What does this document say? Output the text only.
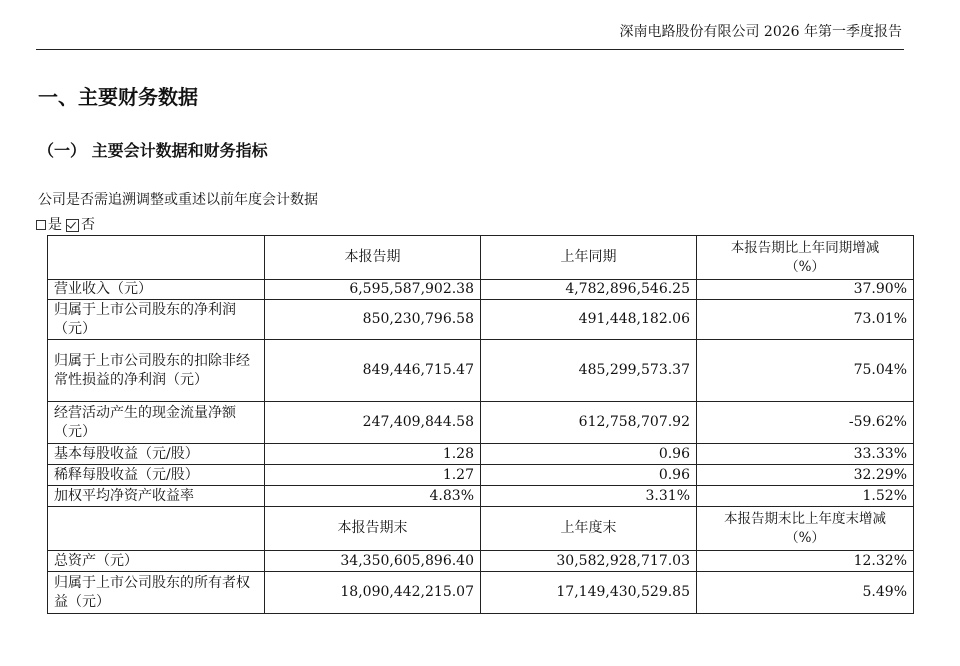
深南电路股份有限公司 2026 年第一季度报告
一、主要财务数据
（一） 主要会计数据和财务指标
公司是否需追溯调整或重述以前年度会计数据
是 否
	本报告期	上年同期	本报告期比上年同期增减
（%）

营业收入（元）	6,595,587,902.38	4,782,896,546.25	37.90%
归属于上市公司股东的净利润（元）	850,230,796.58	491,448,182.06	73.01%
归属于上市公司股东的扣除非经常性损益的净利润（元）	849,446,715.47	485,299,573.37	75.04%
经营活动产生的现金流量净额（元）	247,409,844.58	612,758,707.92	-59.62%
基本每股收益（元/股）	1.28	0.96	33.33%
稀释每股收益（元/股）	1.27	0.96	32.29%
加权平均净资产收益率	4.83%	3.31%	1.52%
	本报告期末	上年度末	本报告期末比上年度末增减
（%）

总资产（元）	34,350,605,896.40	30,582,928,717.03	12.32%
归属于上市公司股东的所有者权益（元）	18,090,442,215.07	17,149,430,529.85	5.49%
